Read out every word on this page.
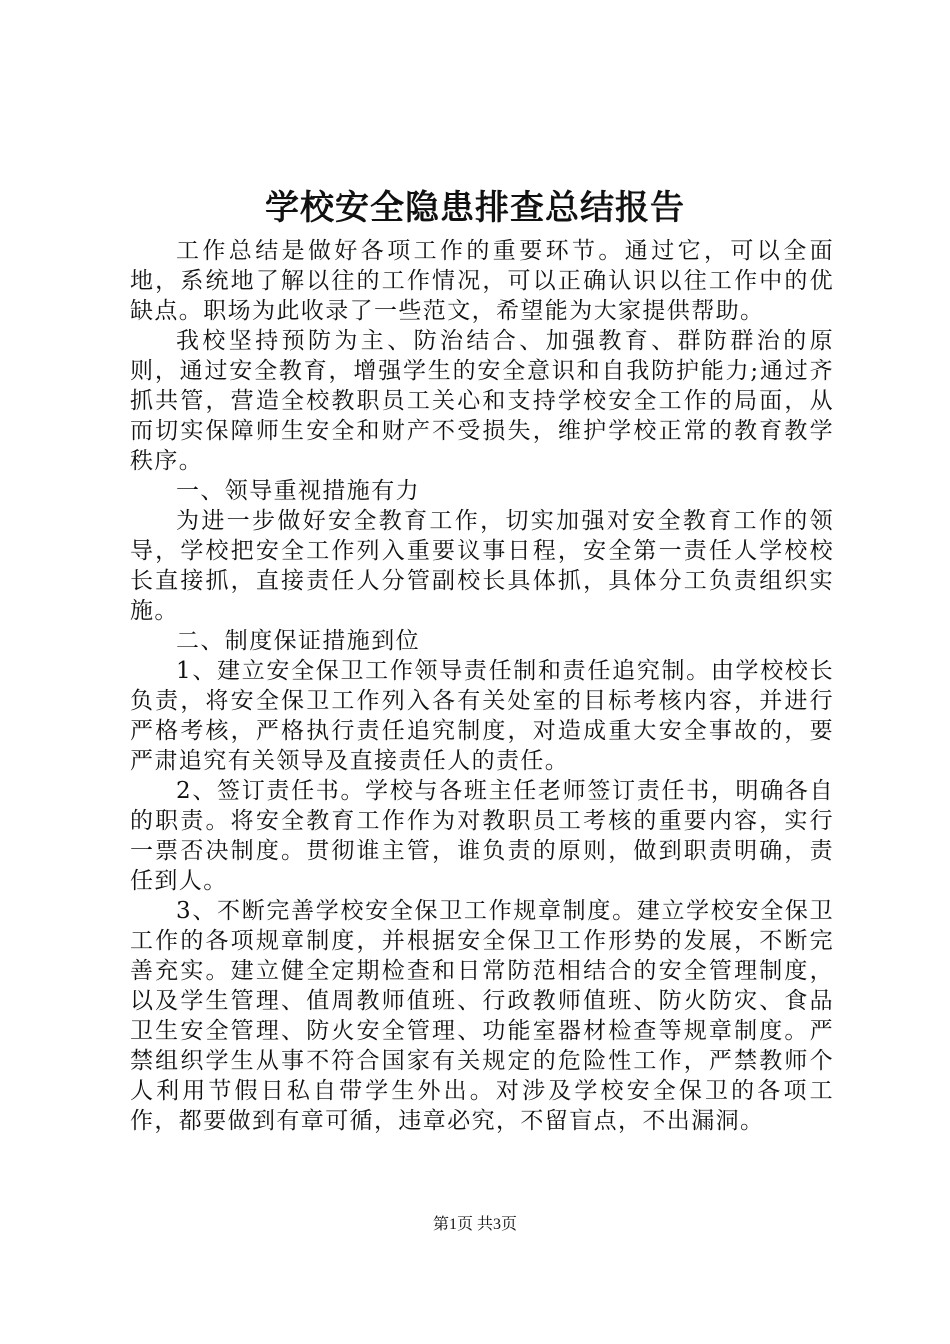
学校安全隐患排查总结报告

工作总结是做好各项工作的重要环节。通过它，可以全面地，系统地了解以往的工作情况，可以正确认识以往工作中的优缺点。职场为此收录了一些范文，希望能为大家提供帮助。

我校坚持预防为主、防治结合、加强教育、群防群治的原则，通过安全教育，增强学生的安全意识和自我防护能力;通过齐抓共管，营造全校教职员工关心和支持学校安全工作的局面，从而切实保障师生安全和财产不受损失，维护学校正常的教育教学秩序。

一、领导重视措施有力

为进一步做好安全教育工作，切实加强对安全教育工作的领导，学校把安全工作列入重要议事日程，安全第一责任人学校校长直接抓，直接责任人分管副校长具体抓，具体分工负责组织实施。

二、制度保证措施到位

1、建立安全保卫工作领导责任制和责任追究制。由学校校长负责，将安全保卫工作列入各有关处室的目标考核内容，并进行严格考核，严格执行责任追究制度，对造成重大安全事故的，要严肃追究有关领导及直接责任人的责任。

2、签订责任书。学校与各班主任老师签订责任书，明确各自的职责。将安全教育工作作为对教职员工考核的重要内容，实行一票否决制度。贯彻谁主管，谁负责的原则，做到职责明确，责任到人。

3、不断完善学校安全保卫工作规章制度。建立学校安全保卫工作的各项规章制度，并根据安全保卫工作形势的发展，不断完善充实。建立健全定期检查和日常防范相结合的安全管理制度，以及学生管理、值周教师值班、行政教师值班、防火防灾、食品卫生安全管理、防火安全管理、功能室器材检查等规章制度。严禁组织学生从事不符合国家有关规定的危险性工作，严禁教师个人利用节假日私自带学生外出。对涉及学校安全保卫的各项工作，都要做到有章可循，违章必究，不留盲点，不出漏洞。

第1页 共3页
